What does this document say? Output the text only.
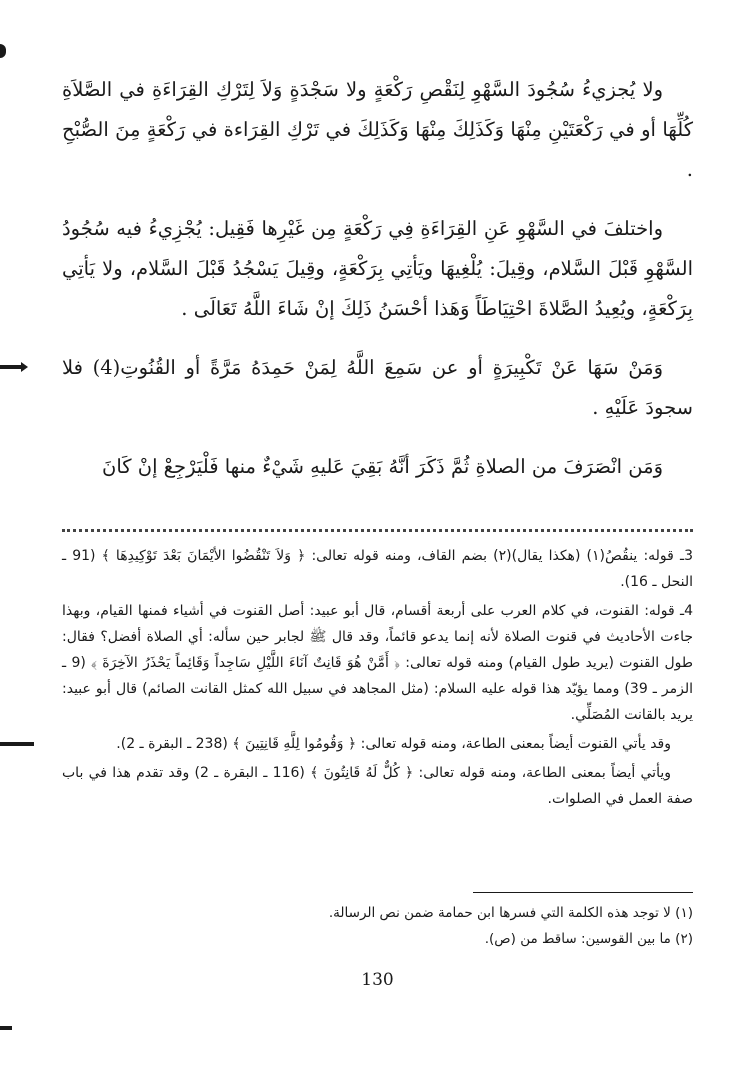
ولا يُجزيءُ سُجُودَ السَّهْوِ لِنَقْصِ رَكْعَةٍ ولا سَجْدَةٍ وَلاَ لِتَرْكِ القِرَاءَةِ في الصَّلاَةِ كُلِّهَا أو في رَكْعَتَيْنِ مِنْهَا وَكَذَلِكَ مِنْهَا وَكَذَلِكَ في تَرْكِ القِرَاءة في رَكْعَةٍ مِنَ الصُّبْحِ .

واختلفَ في السَّهْوِ عَنِ القِرَاءَةِ فِي رَكْعَةٍ مِن غَيْرِها فَقِيل: يُجْزِيءُ فيه سُجُودُ السَّهْوِ قَبْلَ السَّلام، وقِيلَ: يُلْغِيهَا ويَأتِي بِرَكْعَةٍ، وقِيلَ يَسْجُدُ قَبْلَ السَّلام، ولا يَأتِي بِرَكْعَةٍ، ويُعِيدُ الصَّلاةَ احْتِيَاطَاً وَهَذا أحْسَنُ ذَلِكَ إنْ شَاءَ اللَّهُ تَعَالَى .

وَمَنْ سَهَا عَنْ تَكْبِيرَةٍ أو عن سَمِعَ اللَّهُ لِمَنْ حَمِدَهُ مَرَّةً أو القُنُوتِ(4) فلا سجودَ عَلَيْهِ .

وَمَن انْصَرَفَ من الصلاةِ ثُمَّ ذَكَرَ أنَّهُ بَقِيَ عَليهِ شَيْءٌ منها فَلْيَرْجِعْ إنْ كَانَ

3ـ قوله: ينقُصُ(١) (هكذا يقال)(٢) بضم القاف، ومنه قوله تعالى: ﴿ وَلاَ تَنْقُضُوا الأيْمَانَ بَعْدَ تَوْكِيدِهَا ﴾ (91 ـ النحل ـ 16).

4ـ قوله: القنوت، في كلام العرب على أربعة أقسام، قال أبو عبيد: أصل القنوت في أشياء فمنها القيام، وبهذا جاءت الأحاديث في قنوت الصلاة لأنه إنما يدعو قائماً، وقد قال ﷺ لجابر حين سأله: أي الصلاة أفضل؟ فقال: طول القنوت (يريد طول القيام) ومنه قوله تعالى: ﴿ أَمَّنْ هُوَ قَانِتٌ آنَاءَ اللَّيْلِ سَاجِداً وَقَائِماً يَحْذَرُ الآخِرَةَ ﴾ (9 ـ الزمر ـ 39) ومما يؤيّد هذا قوله عليه السلام: (مثل المجاهد في سبيل الله كمثل القانت الصائم) قال أبو عبيد: يريد بالقانت المُصَلِّي.

وقد يأتي القنوت أيضاً بمعنى الطاعة، ومنه قوله تعالى: ﴿ وَقُومُوا لِلَّهِ قَانِتِينَ ﴾ (238 ـ البقرة ـ 2).

ويأتي أيضاً بمعنى الطاعة، ومنه قوله تعالى: ﴿ كُلٌّ لَهُ قَانِتُونَ ﴾ (116 ـ البقرة ـ 2) وقد تقدم هذا في باب صفة العمل في الصلوات.

(١) لا توجد هذه الكلمة التي فسرها ابن حمامة ضمن نص الرسالة.

(٢) ما بين القوسين: ساقط من (ص).

130
